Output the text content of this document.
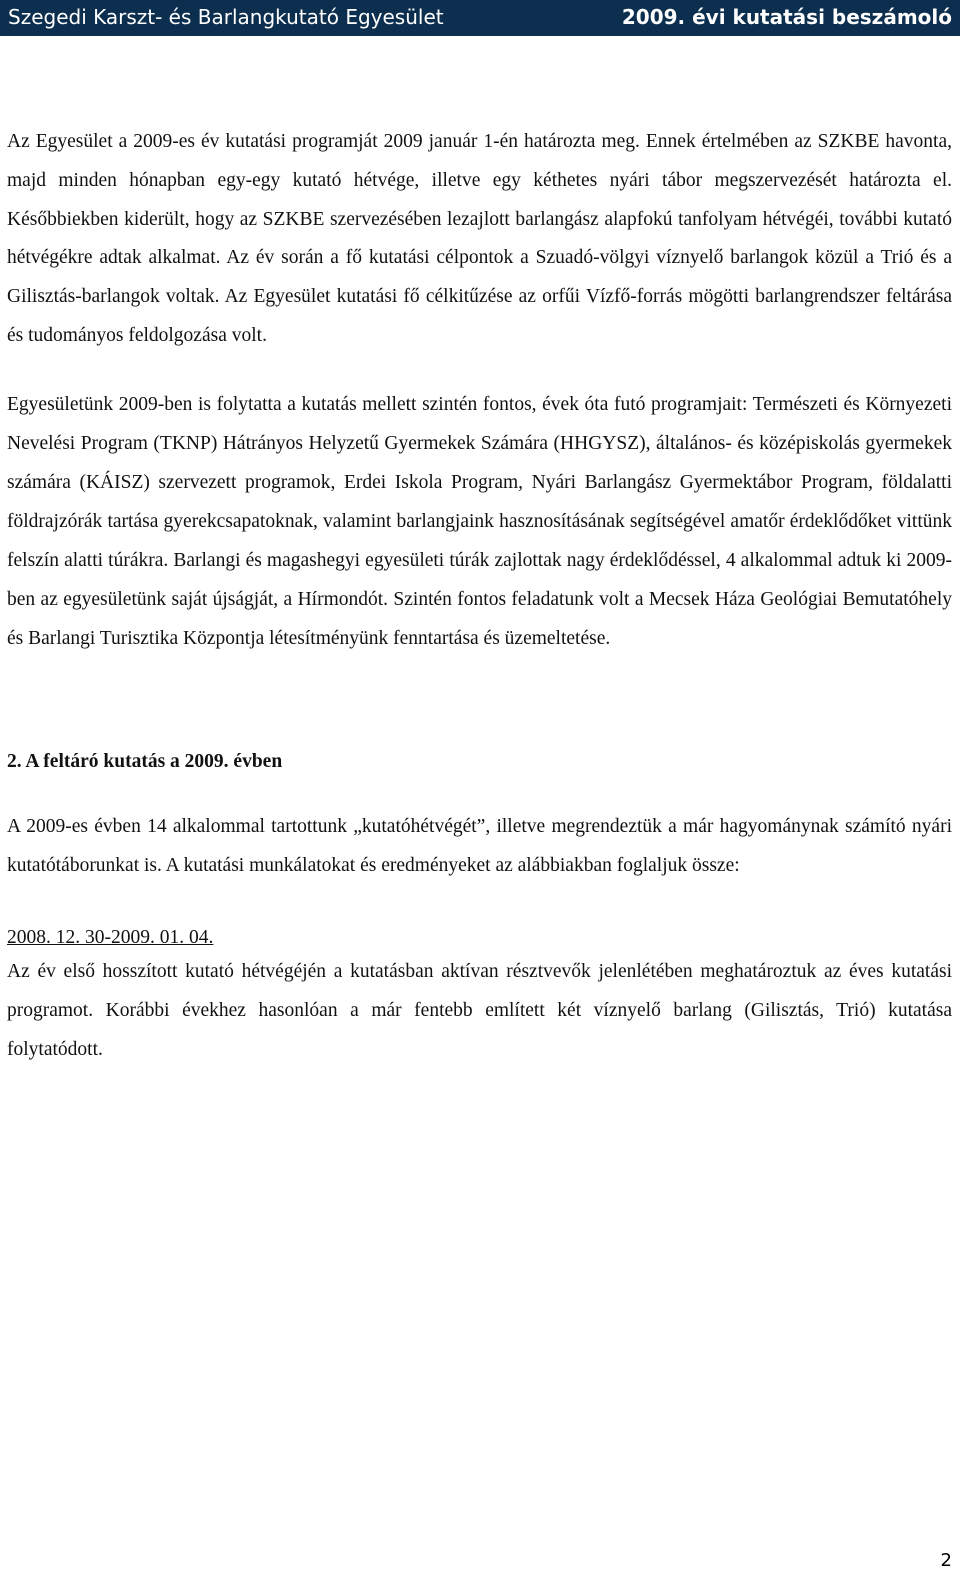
Szegedi Karszt- és Barlangkutató Egyesület	2009. évi kutatási beszámoló

Az Egyesület a 2009-es év kutatási programját 2009 január 1-én határozta meg. Ennek értelmében az SZKBE havonta, majd minden hónapban egy-egy kutató hétvége, illetve egy kéthetes nyári tábor megszervezését határozta el. Későbbiekben kiderült, hogy az SZKBE szervezésében lezajlott barlangász alapfokú tanfolyam hétvégéi, további kutató hétvégékre adtak alkalmat. Az év során a fő kutatási célpontok a Szuadó-völgyi víznyelő barlangok közül a Trió és a Gilisztás-barlangok voltak. Az Egyesület kutatási fő célkitűzése az orfűi Vízfő-forrás mögötti barlangrendszer feltárása és tudományos feldolgozása volt.

Egyesületünk 2009-ben is folytatta a kutatás mellett szintén fontos, évek óta futó programjait: Természeti és Környezeti Nevelési Program (TKNP) Hátrányos Helyzetű Gyermekek Számára (HHGYSZ), általános- és középiskolás gyermekek számára (KÁISZ) szervezett programok, Erdei Iskola Program, Nyári Barlangász Gyermektábor Program, földalatti földrajzórák tartása gyerekcsapatoknak, valamint barlangjaink hasznosításának segítségével amatőr érdeklődőket vittünk felszín alatti túrákra. Barlangi és magashegyi egyesületi túrák zajlottak nagy érdeklődéssel, 4 alkalommal adtuk ki 2009-ben az egyesületünk saját újságját, a Hírmondót. Szintén fontos feladatunk volt a Mecsek Háza Geológiai Bemutatóhely és Barlangi Turisztika Központja létesítményünk fenntartása és üzemeltetése.

2. A feltáró kutatás a 2009. évben

A 2009-es évben 14 alkalommal tartottunk „kutatóhétvégét”, illetve megrendeztük a már hagyománynak számító nyári kutatótáborunkat is. A kutatási munkálatokat és eredményeket az alábbiakban foglaljuk össze:

2008. 12. 30-2009. 01. 04.

Az év első hosszított kutató hétvégéjén a kutatásban aktívan résztvevők jelenlétében meghatároztuk az éves kutatási programot. Korábbi évekhez hasonlóan a már fentebb említett két víznyelő barlang (Gilisztás, Trió) kutatása folytatódott.

2
